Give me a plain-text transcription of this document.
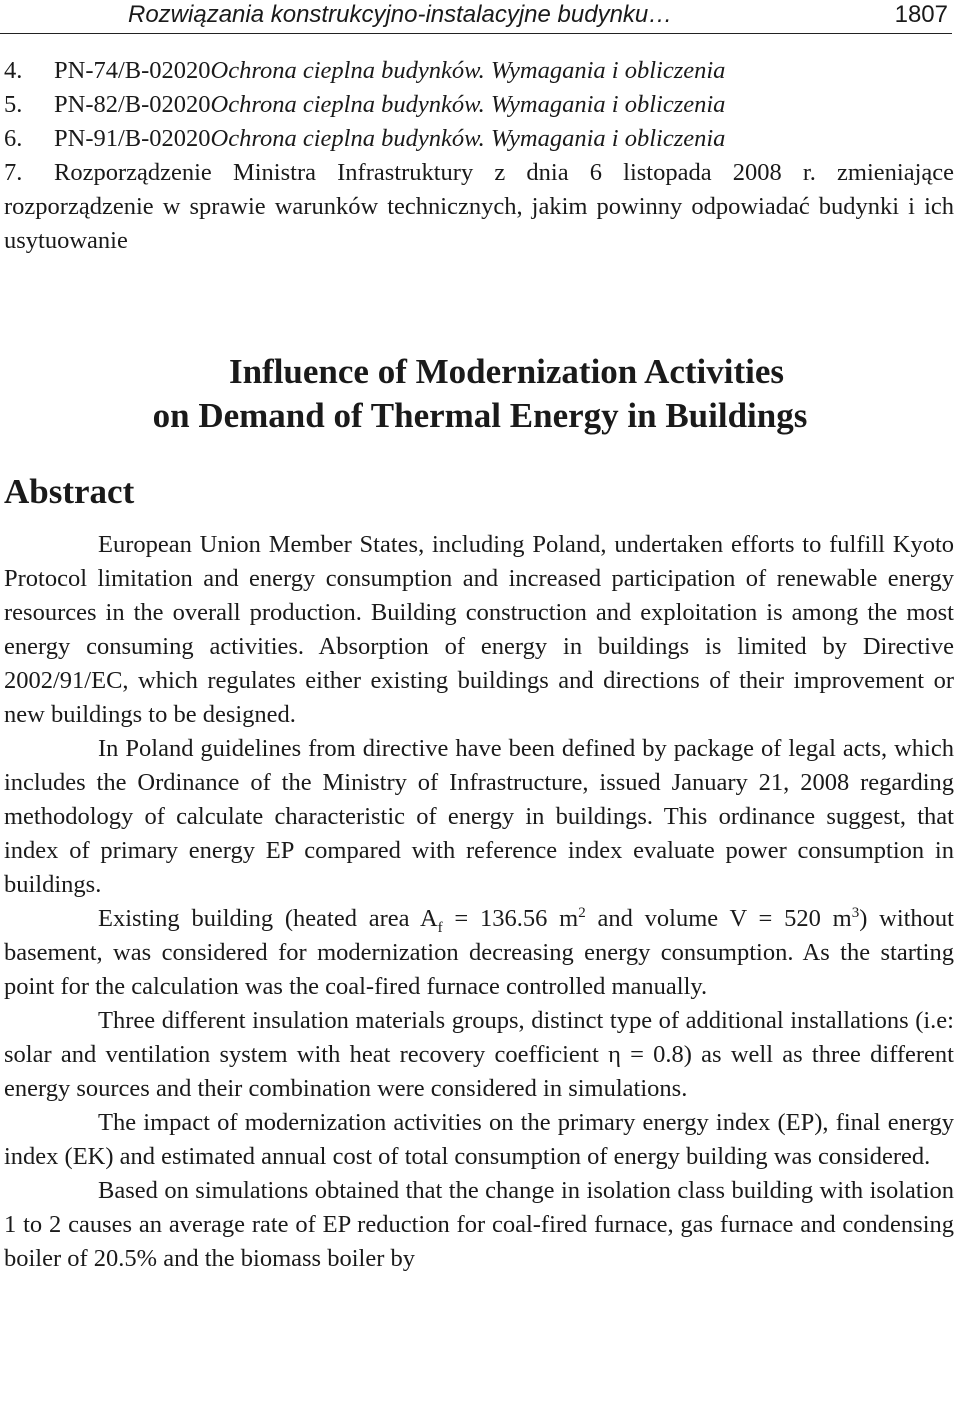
Rozwiązania konstrukcyjno-instalacyjne budynku…	1807
4.	PN-74/B-02020 Ochrona cieplna budynków. Wymagania i obliczenia
5.	PN-82/B-02020 Ochrona cieplna budynków. Wymagania i obliczenia
6.	PN-91/B-02020 Ochrona cieplna budynków. Wymagania i obliczenia
7. Rozporządzenie Ministra Infrastruktury z dnia 6 listopada 2008 r. zmieniające rozporządzenie w sprawie warunków technicznych, jakim powinny odpowiadać budynki i ich usytuowanie
Influence of Modernization Activities
on Demand of Thermal Energy in Buildings
Abstract

European Union Member States, including Poland, undertaken efforts to fulfill Kyoto Protocol limitation and energy consumption and increased participation of renewable energy resources in the overall production. Building construction and exploitation is among the most energy consuming activities. Absorption of energy in buildings is limited by Directive 2002/91/EC, which regulates either existing buildings and directions of their improvement or new buildings to be designed.

In Poland guidelines from directive have been defined by package of legal acts, which includes the Ordinance of the Ministry of Infrastructure, issued January 21, 2008 regarding methodology of calculate characteristic of energy in buildings. This ordinance suggest, that index of primary energy EP compared with reference index evaluate power consumption in buildings.

Existing building (heated area $A_f = 136.56$ $m^2$ and volume V = 520 $m^3$) without basement, was considered for modernization decreasing energy consumption. As the starting point for the calculation was the coal-fired furnace controlled manually.

Three different insulation materials groups, distinct type of additional installations (i.e: solar and ventilation system with heat recovery coefficient η = 0.8) as well as three different energy sources and their combination were considered in simulations.

The impact of modernization activities on the primary energy index (EP), final energy index (EK) and estimated annual cost of total consumption of energy building was considered.

Based on simulations obtained that the change in isolation class building with isolation 1 to 2 causes an average rate of EP reduction for coal-fired furnace, gas furnace and condensing boiler of 20.5% and the biomass boiler by
